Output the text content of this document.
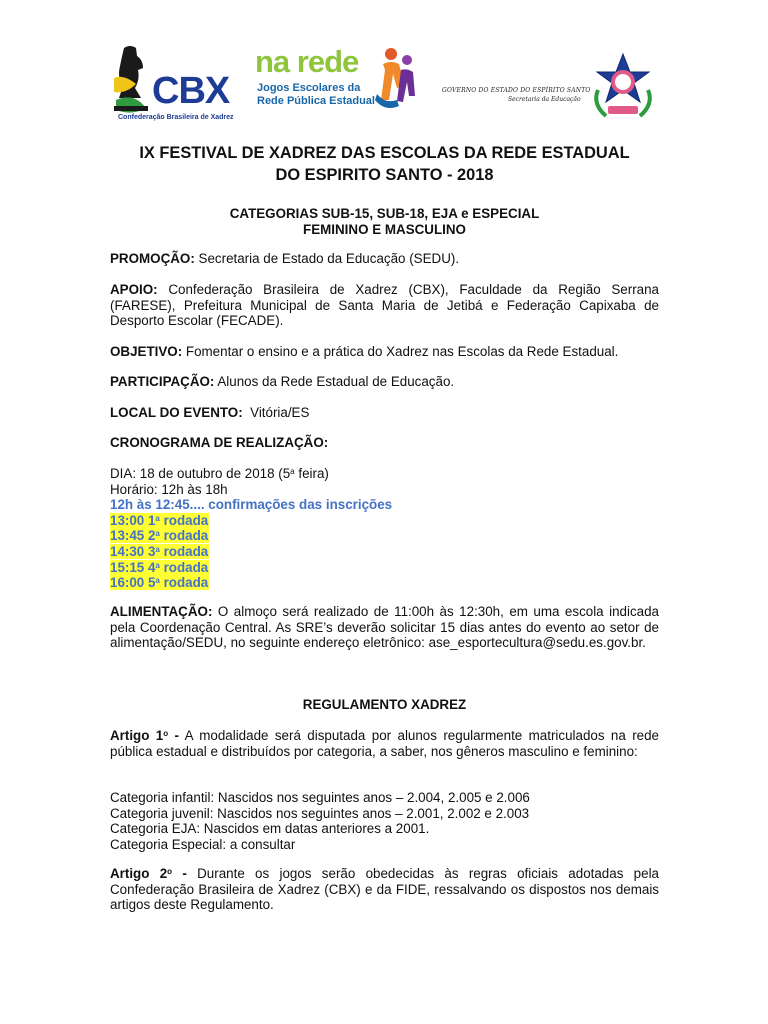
CBX
Confederação Brasileira de Xadrez
na rede
Jogos Escolares da
Rede Pública Estadual
GOVERNO DO ESTADO DO ESPÍRITO SANTO
Secretaria da Educação
IX FESTIVAL DE XADREZ DAS ESCOLAS DA REDE ESTADUAL
DO ESPIRITO SANTO - 2018
CATEGORIAS SUB-15, SUB-18, EJA e ESPECIAL
FEMININO E MASCULINO
PROMOÇÃO: Secretaria de Estado da Educação (SEDU).
APOIO: Confederação Brasileira de Xadrez (CBX), Faculdade da Região Serrana (FARESE), Prefeitura Municipal de Santa Maria de Jetibá e Federação Capixaba de Desporto Escolar (FECADE).
OBJETIVO: Fomentar o ensino e a prática do Xadrez nas Escolas da Rede Estadual.
PARTICIPAÇÃO: Alunos da Rede Estadual de Educação.
LOCAL DO EVENTO:  Vitória/ES
CRONOGRAMA DE REALIZAÇÃO:
DIA: 18 de outubro de 2018 (5$^a$ feira)
Horário: 12h às 18h
12h às 12:45.... confirmações das inscrições
13:00 1$^a$ rodada
13:45 2$^a$ rodada
14:30 3$^a$ rodada
15:15 4$^a$ rodada
16:00 5$^a$ rodada
ALIMENTAÇÃO: O almoço será realizado de 11:00h às 12:30h, em uma escola indicada pela Coordenação Central. As SRE’s deverão solicitar 15 dias antes do evento ao setor de alimentação/SEDU, no seguinte endereço eletrônico: ase_esportecultura@sedu.es.gov.br.
REGULAMENTO XADREZ
Artigo 1$^o$ - A modalidade será disputada por alunos regularmente matriculados na rede pública estadual e distribuídos por categoria, a saber, nos gêneros masculino e feminino:
Categoria infantil: Nascidos nos seguintes anos – 2.004, 2.005 e 2.006
Categoria juvenil: Nascidos nos seguintes anos – 2.001, 2.002 e 2.003
Categoria EJA: Nascidos em datas anteriores a 2001.
Categoria Especial: a consultar
Artigo 2$^o$ - Durante os jogos serão obedecidas às regras oficiais adotadas pela Confederação Brasileira de Xadrez (CBX) e da FIDE, ressalvando os dispostos nos demais artigos deste Regulamento.
